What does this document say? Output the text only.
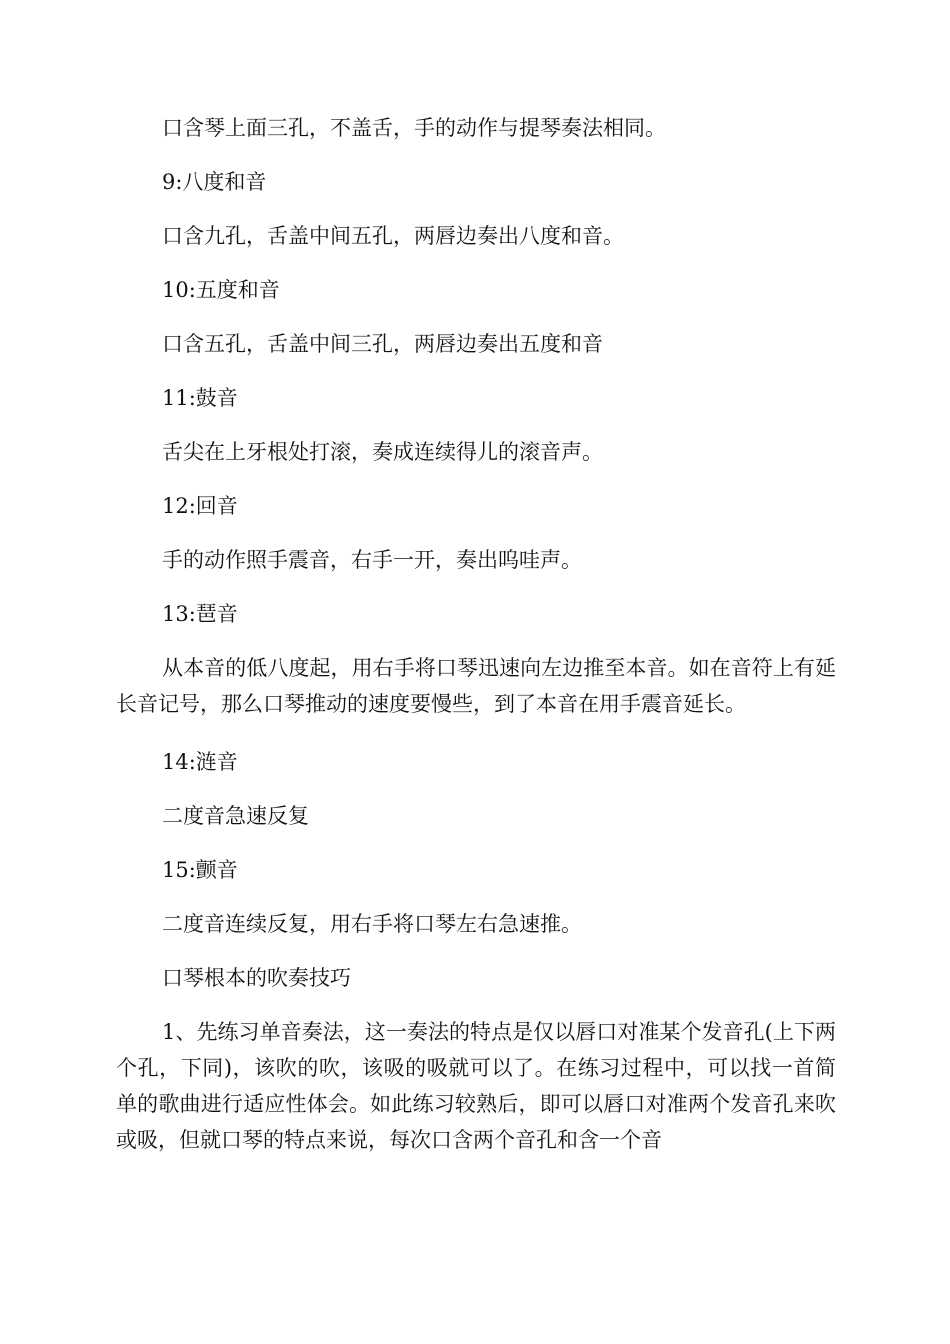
口含琴上面三孔，不盖舌，手的动作与提琴奏法相同。

9:八度和音

口含九孔，舌盖中间五孔，两唇边奏出八度和音。

10:五度和音

口含五孔，舌盖中间三孔，两唇边奏出五度和音

11:鼓音

舌尖在上牙根处打滚，奏成连续得儿的滚音声。

12:回音

手的动作照手震音，右手一开，奏出呜哇声。

13:琶音

从本音的低八度起，用右手将口琴迅速向左边推至本音。如在音符上有延长音记号，那么口琴推动的速度要慢些，到了本音在用手震音延长。

14:涟音

二度音急速反复

15:颤音

二度音连续反复，用右手将口琴左右急速推。

口琴根本的吹奏技巧

1、先练习单音奏法，这一奏法的特点是仅以唇口对准某个发音孔(上下两个孔，下同)，该吹的吹，该吸的吸就可以了。在练习过程中，可以找一首简单的歌曲进行适应性体会。如此练习较熟后，即可以唇口对准两个发音孔来吹或吸，但就口琴的特点来说，每次口含两个音孔和含一个音
